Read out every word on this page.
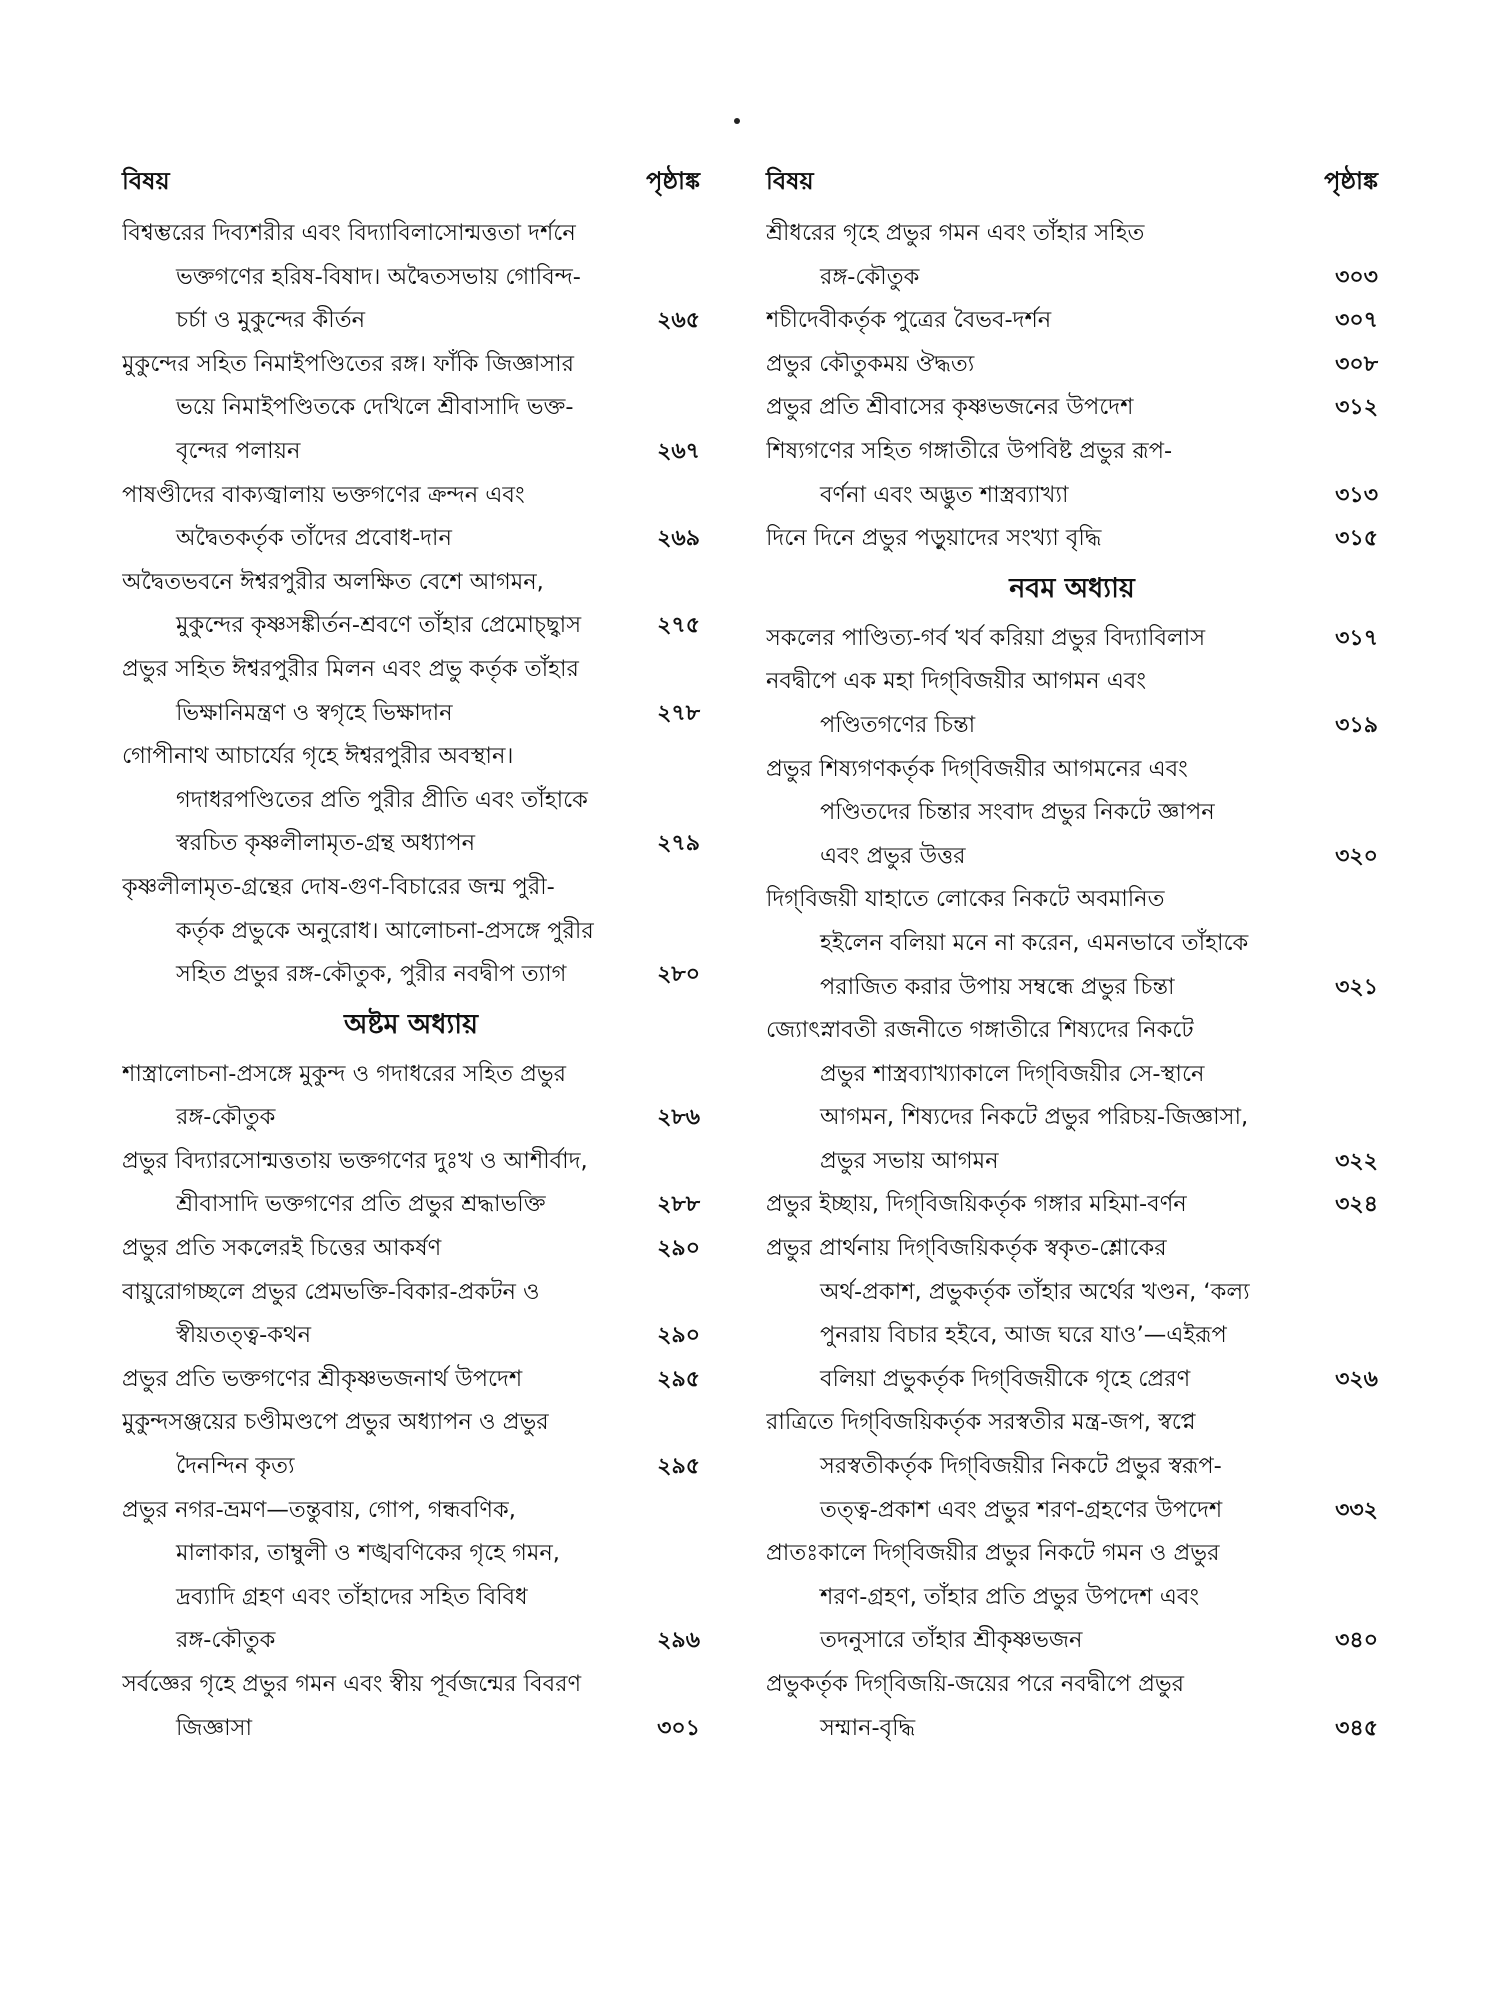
বিষয়	পৃষ্ঠাঙ্ক
বিশ্বম্ভরের দিব্যশরীর এবং বিদ্যাবিলাসোন্মত্ততা দর্শনে
ভক্তগণের হরিষ-বিষাদ। অদ্বৈতসভায় গোবিন্দ-
চর্চা ও মুকুন্দের কীর্তন	২৬৫
মুকুন্দের সহিত নিমাইপণ্ডিতের রঙ্গ। ফাঁকি জিজ্ঞাসার
ভয়ে নিমাইপণ্ডিতকে দেখিলে শ্রীবাসাদি ভক্ত-
বৃন্দের পলায়ন	২৬৭
পাষণ্ডীদের বাক্যজ্বালায় ভক্তগণের ক্রন্দন এবং
অদ্বৈতকর্তৃক তাঁদের প্রবোধ-দান	২৬৯
অদ্বৈতভবনে ঈশ্বরপুরীর অলক্ষিত বেশে আগমন,
মুকুন্দের কৃষ্ণসঙ্কীর্তন-শ্রবণে তাঁহার প্রেমোচ্ছ্বাস	২৭৫
প্রভুর সহিত ঈশ্বরপুরীর মিলন এবং প্রভু কর্তৃক তাঁহার
ভিক্ষানিমন্ত্রণ ও স্বগৃহে ভিক্ষাদান	২৭৮
গোপীনাথ আচার্যের গৃহে ঈশ্বরপুরীর অবস্থান।
গদাধরপণ্ডিতের প্রতি পুরীর প্রীতি এবং তাঁহাকে
স্বরচিত কৃষ্ণলীলামৃত-গ্রন্থ অধ্যাপন	২৭৯
কৃষ্ণলীলামৃত-গ্রন্থের দোষ-গুণ-বিচারের জন্ম পুরী-
কর্তৃক প্রভুকে অনুরোধ। আলোচনা-প্রসঙ্গে পুরীর
সহিত প্রভুর রঙ্গ-কৌতুক, পুরীর নবদ্বীপ ত্যাগ	২৮০
অষ্টম অধ্যায়
শাস্ত্রালোচনা-প্রসঙ্গে মুকুন্দ ও গদাধরের সহিত প্রভুর
রঙ্গ-কৌতুক	২৮৬
প্রভুর বিদ্যারসোন্মত্ততায় ভক্তগণের দুঃখ ও আশীর্বাদ,
শ্রীবাসাদি ভক্তগণের প্রতি প্রভুর শ্রদ্ধাভক্তি	২৮৮
প্রভুর প্রতি সকলেরই চিত্তের আকর্ষণ	২৯০
বায়ুরোগচ্ছলে প্রভুর প্রেমভক্তি-বিকার-প্রকটন ও
স্বীয়তত্ত্ব-কথন	২৯০
প্রভুর প্রতি ভক্তগণের শ্রীকৃষ্ণভজনার্থ উপদেশ	২৯৫
মুকুন্দসঞ্জয়ের চণ্ডীমণ্ডপে প্রভুর অধ্যাপন ও প্রভুর
দৈনন্দিন কৃত্য	২৯৫
প্রভুর নগর-ভ্রমণ—তন্তুবায়, গোপ, গন্ধবণিক,
মালাকার, তাম্বুলী ও শঙ্খবণিকের গৃহে গমন,
দ্রব্যাদি গ্রহণ এবং তাঁহাদের সহিত বিবিধ
রঙ্গ-কৌতুক	২৯৬
সর্বজ্ঞের গৃহে প্রভুর গমন এবং স্বীয় পূর্বজন্মের বিবরণ
জিজ্ঞাসা	৩০১
বিষয়	পৃষ্ঠাঙ্ক
শ্রীধরের গৃহে প্রভুর গমন এবং তাঁহার সহিত
রঙ্গ-কৌতুক	৩০৩
শচীদেবীকর্তৃক পুত্রের বৈভব-দর্শন	৩০৭
প্রভুর কৌতুকময় ঔদ্ধত্য	৩০৮
প্রভুর প্রতি শ্রীবাসের কৃষ্ণভজনের উপদেশ	৩১২
শিষ্যগণের সহিত গঙ্গাতীরে উপবিষ্ট প্রভুর রূপ-
বর্ণনা এবং অদ্ভুত শাস্ত্রব্যাখ্যা	৩১৩
দিনে দিনে প্রভুর পড়ুয়াদের সংখ্যা বৃদ্ধি	৩১৫
নবম অধ্যায়
সকলের পাণ্ডিত্য-গর্ব খর্ব করিয়া প্রভুর বিদ্যাবিলাস	৩১৭
নবদ্বীপে এক মহা দিগ্‌বিজয়ীর আগমন এবং
পণ্ডিতগণের চিন্তা	৩১৯
প্রভুর শিষ্যগণকর্তৃক দিগ্‌বিজয়ীর আগমনের এবং
পণ্ডিতদের চিন্তার সংবাদ প্রভুর নিকটে জ্ঞাপন
এবং প্রভুর উত্তর	৩২০
দিগ্‌বিজয়ী যাহাতে লোকের নিকটে অবমানিত
হইলেন বলিয়া মনে না করেন, এমনভাবে তাঁহাকে
পরাজিত করার উপায় সম্বন্ধে প্রভুর চিন্তা	৩২১
জ্যোৎস্নাবতী রজনীতে গঙ্গাতীরে শিষ্যদের নিকটে
প্রভুর শাস্ত্রব্যাখ্যাকালে দিগ্‌বিজয়ীর সে-স্থানে
আগমন, শিষ্যদের নিকটে প্রভুর পরিচয়-জিজ্ঞাসা,
প্রভুর সভায় আগমন	৩২২
প্রভুর ইচ্ছায়, দিগ্‌বিজয়িকর্তৃক গঙ্গার মহিমা-বর্ণন	৩২৪
প্রভুর প্রার্থনায় দিগ্‌বিজয়িকর্তৃক স্বকৃত-শ্লোকের
অর্থ-প্রকাশ, প্রভুকর্তৃক তাঁহার অর্থের খণ্ডন, ‘কল্য
পুনরায় বিচার হইবে, আজ ঘরে যাও’—এইরূপ
বলিয়া প্রভুকর্তৃক দিগ্‌বিজয়ীকে গৃহে প্রেরণ	৩২৬
রাত্রিতে দিগ্‌বিজয়িকর্তৃক সরস্বতীর মন্ত্র-জপ, স্বপ্নে
সরস্বতীকর্তৃক দিগ্‌বিজয়ীর নিকটে প্রভুর স্বরূপ-
তত্ত্ব-প্রকাশ এবং প্রভুর শরণ-গ্রহণের উপদেশ	৩৩২
প্রাতঃকালে দিগ্‌বিজয়ীর প্রভুর নিকটে গমন ও প্রভুর
শরণ-গ্রহণ, তাঁহার প্রতি প্রভুর উপদেশ এবং
তদনুসারে তাঁহার শ্রীকৃষ্ণভজন	৩৪০
প্রভুকর্তৃক দিগ্‌বিজয়ি-জয়ের পরে নবদ্বীপে প্রভুর
সম্মান-বৃদ্ধি	৩৪৫
